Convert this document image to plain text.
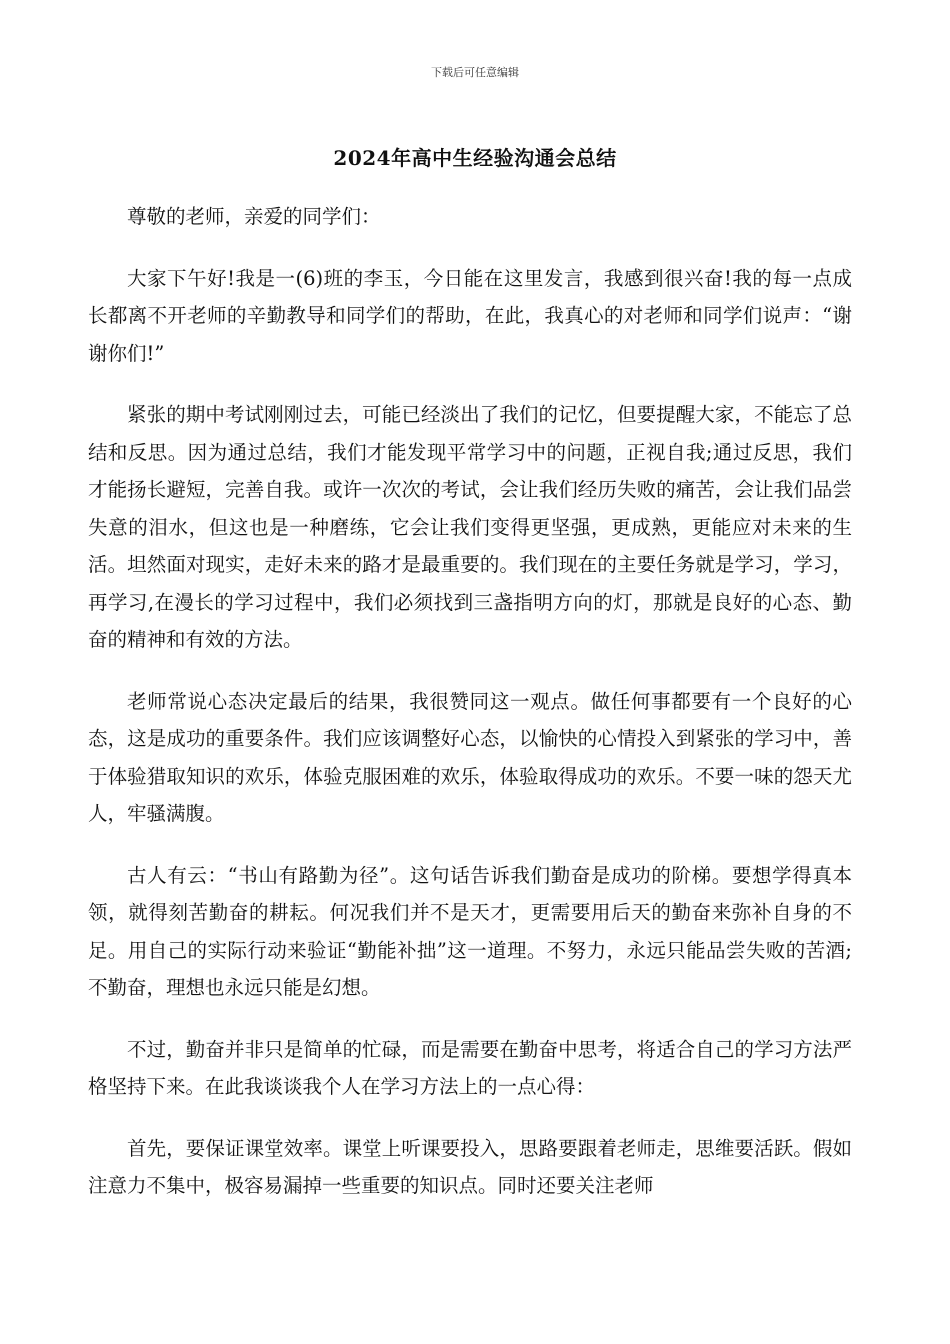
下载后可任意编辑
2024年高中生经验沟通会总结

尊敬的老师，亲爱的同学们：

大家下午好!我是一(6)班的李玉，今日能在这里发言，我感到很兴奋!我的每一点成长都离不开老师的辛勤教导和同学们的帮助，在此，我真心的对老师和同学们说声：“谢谢你们!”

紧张的期中考试刚刚过去，可能已经淡出了我们的记忆，但要提醒大家，不能忘了总结和反思。因为通过总结，我们才能发现平常学习中的问题，正视自我;通过反思，我们才能扬长避短，完善自我。或许一次次的考试，会让我们经历失败的痛苦，会让我们品尝失意的泪水，但这也是一种磨练，它会让我们变得更坚强，更成熟，更能应对未来的生活。坦然面对现实，走好未来的路才是最重要的。我们现在的主要任务就是学习，学习，再学习,在漫长的学习过程中，我们必须找到三盏指明方向的灯，那就是良好的心态、勤奋的精神和有效的方法。

老师常说心态决定最后的结果，我很赞同这一观点。做任何事都要有一个良好的心态，这是成功的重要条件。我们应该调整好心态，以愉快的心情投入到紧张的学习中，善于体验猎取知识的欢乐，体验克服困难的欢乐，体验取得成功的欢乐。不要一味的怨天尤人，牢骚满腹。

古人有云：“书山有路勤为径”。这句话告诉我们勤奋是成功的阶梯。要想学得真本领，就得刻苦勤奋的耕耘。何况我们并不是天才，更需要用后天的勤奋来弥补自身的不足。用自己的实际行动来验证“勤能补拙”这一道理。不努力，永远只能品尝失败的苦酒;不勤奋，理想也永远只能是幻想。

不过，勤奋并非只是简单的忙碌，而是需要在勤奋中思考，将适合自己的学习方法严格坚持下来。在此我谈谈我个人在学习方法上的一点心得：

首先，要保证课堂效率。课堂上听课要投入，思路要跟着老师走，思维要活跃。假如注意力不集中，极容易漏掉一些重要的知识点。同时还要关注老师
